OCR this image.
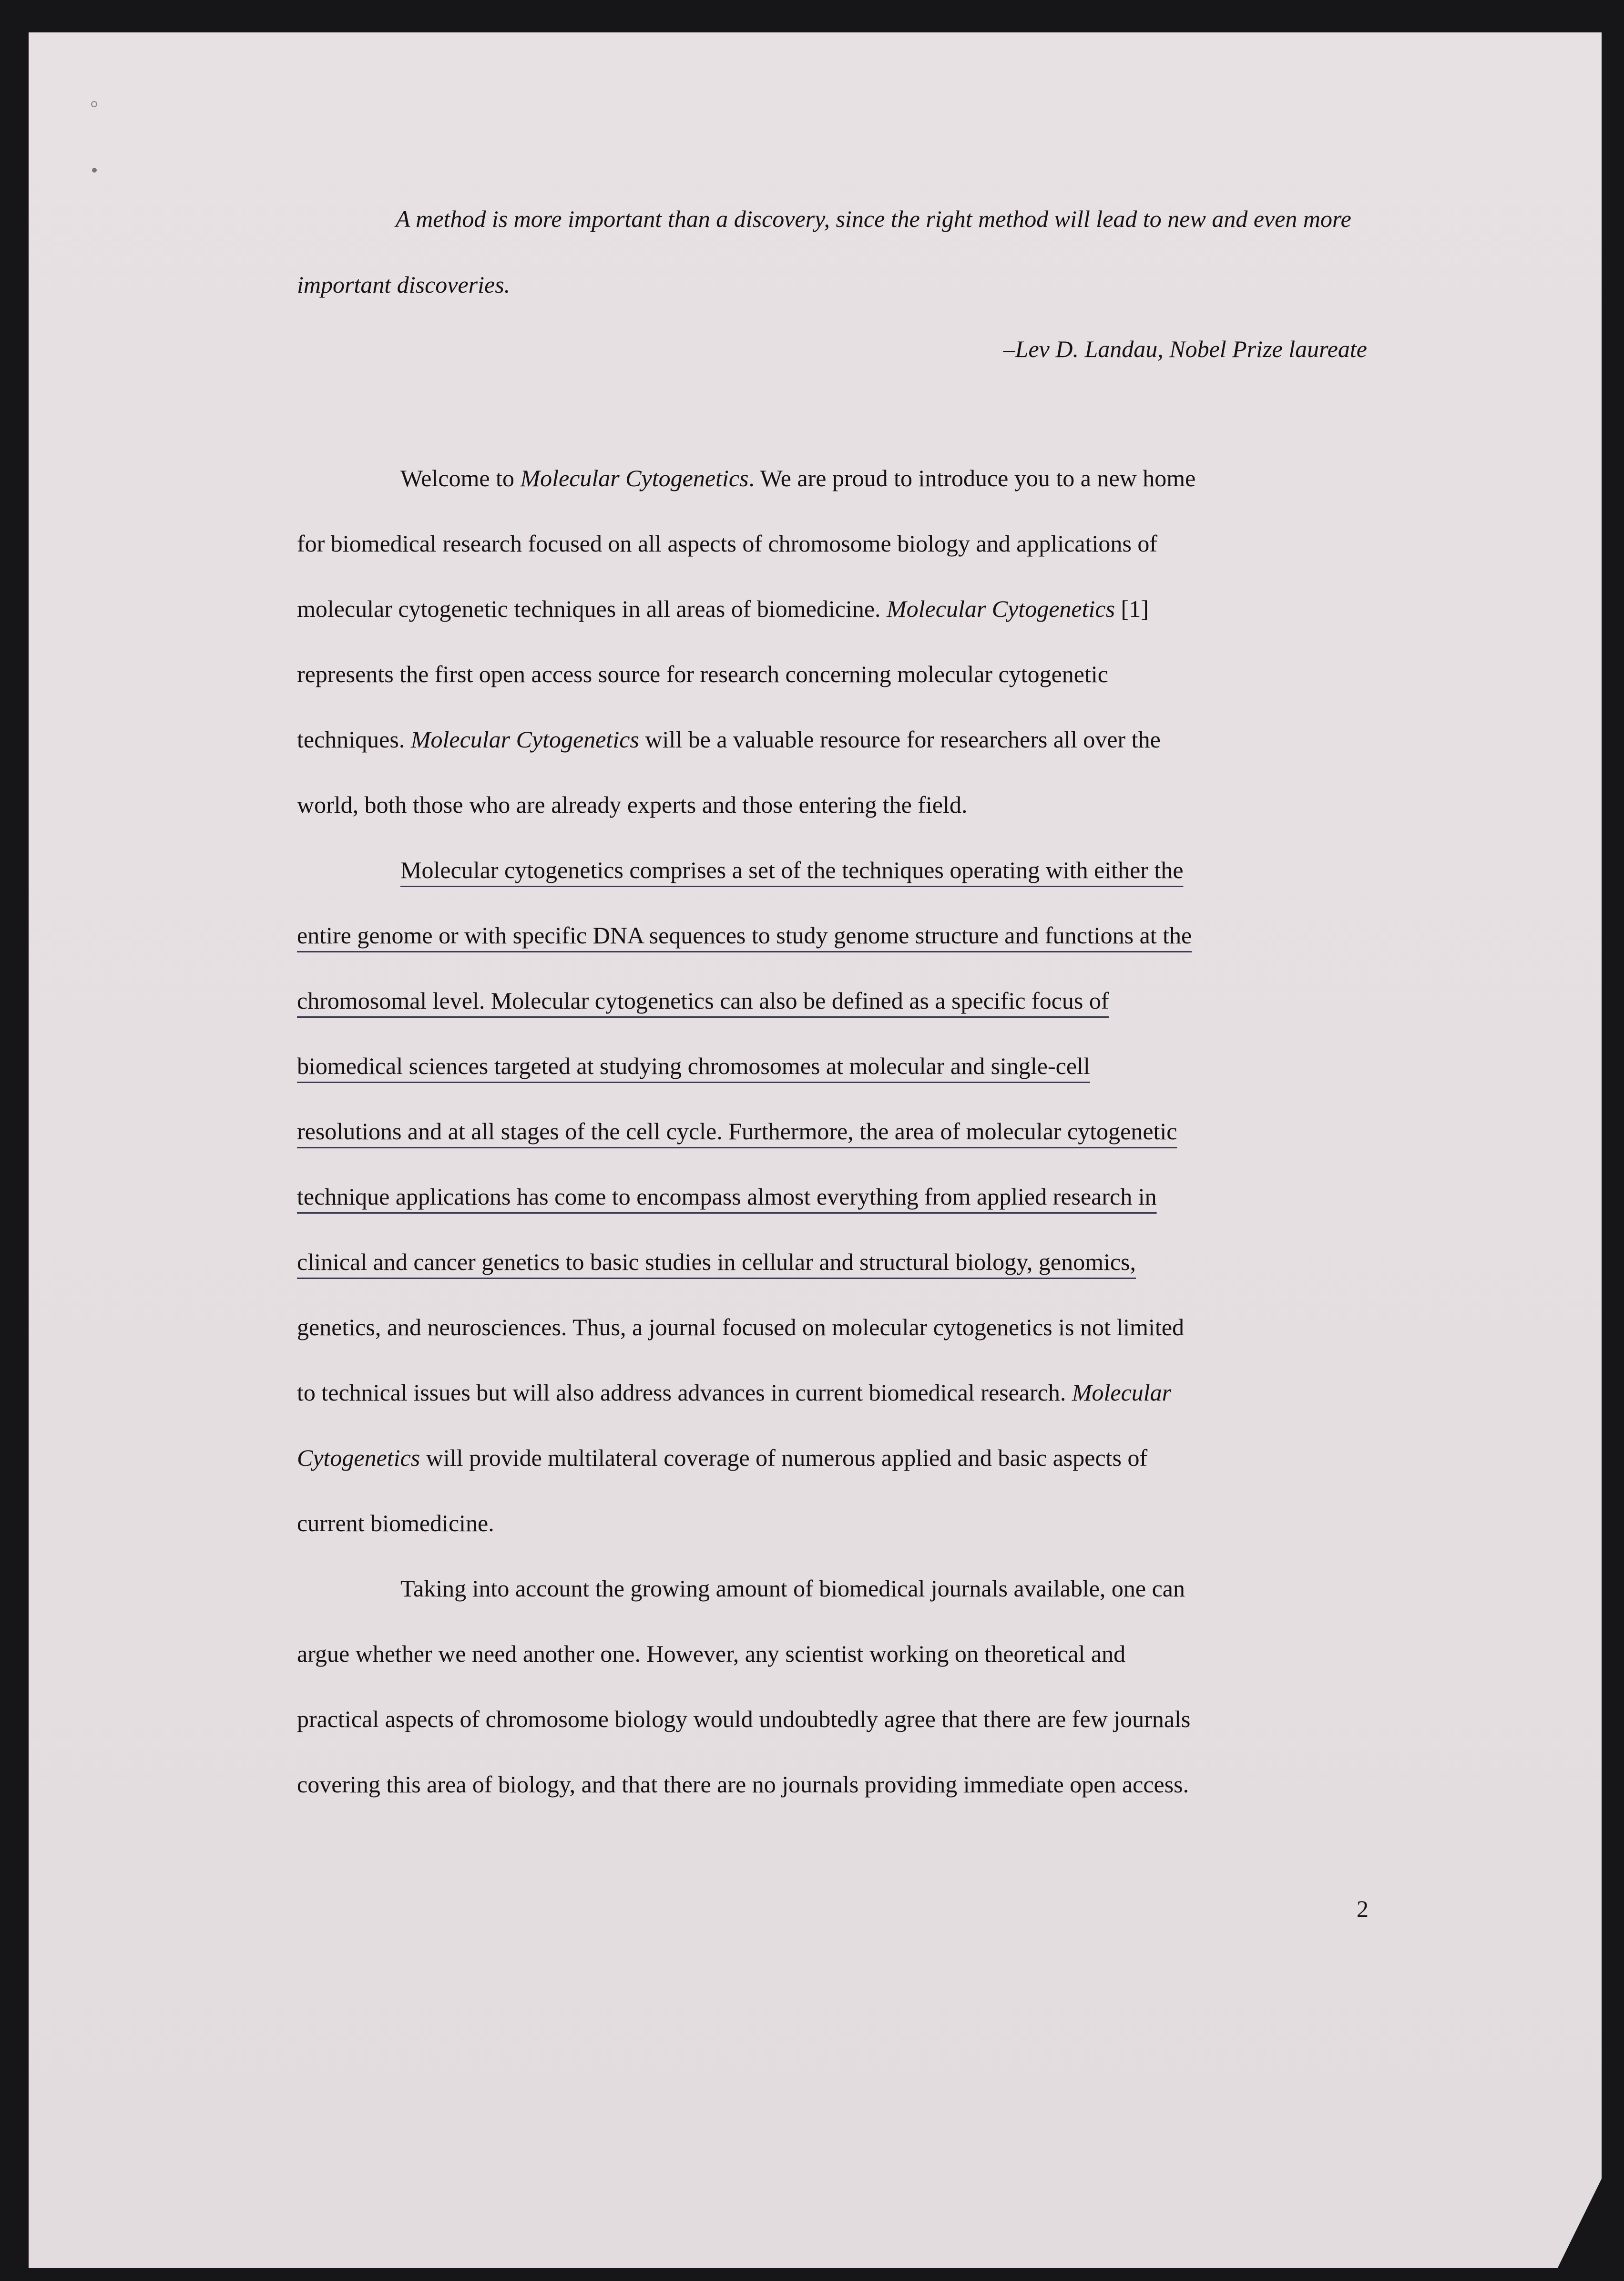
A method is more important than a discovery, since the right method will lead to new and even more important discoveries.

–Lev D. Landau, Nobel Prize laureate

Welcome to Molecular Cytogenetics. We are proud to introduce you to a new home
for biomedical research focused on all aspects of chromosome biology and applications of
molecular cytogenetic techniques in all areas of biomedicine. Molecular Cytogenetics [1]
represents the first open access source for research concerning molecular cytogenetic
techniques. Molecular Cytogenetics will be a valuable resource for researchers all over the
world, both those who are already experts and those entering the field.

Molecular cytogenetics comprises a set of the techniques operating with either the
entire genome or with specific DNA sequences to study genome structure and functions at the
chromosomal level. Molecular cytogenetics can also be defined as a specific focus of
biomedical sciences targeted at studying chromosomes at molecular and single-cell
resolutions and at all stages of the cell cycle. Furthermore, the area of molecular cytogenetic
technique applications has come to encompass almost everything from applied research in
clinical and cancer genetics to basic studies in cellular and structural biology, genomics,
genetics, and neurosciences. Thus, a journal focused on molecular cytogenetics is not limited
to technical issues but will also address advances in current biomedical research. Molecular
Cytogenetics will provide multilateral coverage of numerous applied and basic aspects of
current biomedicine.

Taking into account the growing amount of biomedical journals available, one can
argue whether we need another one. However, any scientist working on theoretical and
practical aspects of chromosome biology would undoubtedly agree that there are few journals
covering this area of biology, and that there are no journals providing immediate open access.

2
